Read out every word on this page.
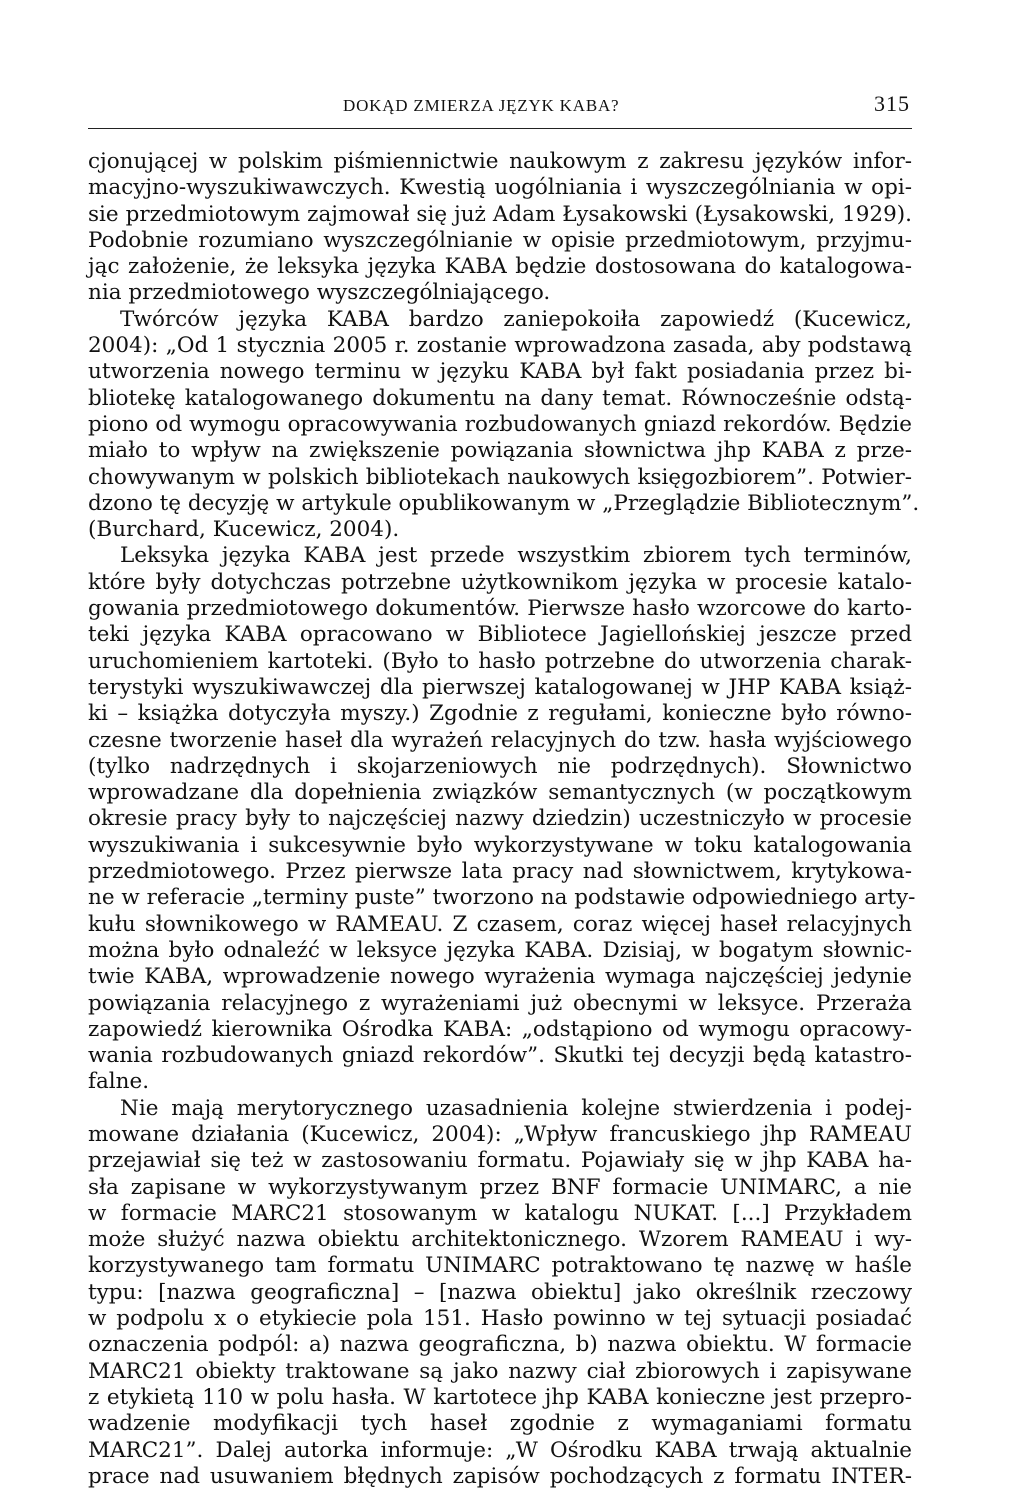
DOKĄD ZMIERZA JĘZYK KABA?	315
cjonującej w polskim piśmiennictwie naukowym z zakresu języków infor-
macyjno-wyszukiwawczych. Kwestią uogólniania i wyszczególniania w opi-
sie przedmiotowym zajmował się już Adam Łysakowski (Łysakowski, 1929).
Podobnie rozumiano wyszczególnianie w opisie przedmiotowym, przyjmu-
jąc założenie, że leksyka języka KABA będzie dostosowana do katalogowa-
nia przedmiotowego wyszczególniającego.
Twórców języka KABA bardzo zaniepokoiła zapowiedź (Kucewicz,
2004): „Od 1 stycznia 2005 r. zostanie wprowadzona zasada, aby podstawą
utworzenia nowego terminu w języku KABA był fakt posiadania przez bi-
bliotekę katalogowanego dokumentu na dany temat. Równocześnie odstą-
piono od wymogu opracowywania rozbudowanych gniazd rekordów. Będzie
miało to wpływ na zwiększenie powiązania słownictwa jhp KABA z prze-
chowywanym w polskich bibliotekach naukowych księgozbiorem”. Potwier-
dzono tę decyzję w artykule opublikowanym w „Przeglądzie Bibliotecznym”.
(Burchard, Kucewicz, 2004).
Leksyka języka KABA jest przede wszystkim zbiorem tych terminów,
które były dotychczas potrzebne użytkownikom języka w procesie katalo-
gowania przedmiotowego dokumentów. Pierwsze hasło wzorcowe do karto-
teki języka KABA opracowano w Bibliotece Jagiellońskiej jeszcze przed
uruchomieniem kartoteki. (Było to hasło potrzebne do utworzenia charak-
terystyki wyszukiwawczej dla pierwszej katalogowanej w JHP KABA książ-
ki – książka dotyczyła myszy.) Zgodnie z regułami, konieczne było równo-
czesne tworzenie haseł dla wyrażeń relacyjnych do tzw. hasła wyjściowego
(tylko nadrzędnych i skojarzeniowych nie podrzędnych). Słownictwo
wprowadzane dla dopełnienia związków semantycznych (w początkowym
okresie pracy były to najczęściej nazwy dziedzin) uczestniczyło w procesie
wyszukiwania i sukcesywnie było wykorzystywane w toku katalogowania
przedmiotowego. Przez pierwsze lata pracy nad słownictwem, krytykowa-
ne w referacie „terminy puste” tworzono na podstawie odpowiedniego arty-
kułu słownikowego w RAMEAU. Z czasem, coraz więcej haseł relacyjnych
można było odnaleźć w leksyce języka KABA. Dzisiaj, w bogatym słownic-
twie KABA, wprowadzenie nowego wyrażenia wymaga najczęściej jedynie
powiązania relacyjnego z wyrażeniami już obecnymi w leksyce. Przeraża
zapowiedź kierownika Ośrodka KABA: „odstąpiono od wymogu opracowy-
wania rozbudowanych gniazd rekordów”. Skutki tej decyzji będą katastro-
falne.
Nie mają merytorycznego uzasadnienia kolejne stwierdzenia i podej-
mowane działania (Kucewicz, 2004): „Wpływ francuskiego jhp RAMEAU
przejawiał się też w zastosowaniu formatu. Pojawiały się w jhp KABA ha-
sła zapisane w wykorzystywanym przez BNF formacie UNIMARC, a nie
w formacie MARC21 stosowanym w katalogu NUKAT. [...] Przykładem
może służyć nazwa obiektu architektonicznego. Wzorem RAMEAU i wy-
korzystywanego tam formatu UNIMARC potraktowano tę nazwę w haśle
typu: [nazwa geograficzna] – [nazwa obiektu] jako określnik rzeczowy
w podpolu x o etykiecie pola 151. Hasło powinno w tej sytuacji posiadać
oznaczenia podpól: a) nazwa geograficzna, b) nazwa obiektu. W formacie
MARC21 obiekty traktowane są jako nazwy ciał zbiorowych i zapisywane
z etykietą 110 w polu hasła. W kartotece jhp KABA konieczne jest przepro-
wadzenie modyfikacji tych haseł zgodnie z wymaganiami formatu
MARC21”. Dalej autorka informuje: „W Ośrodku KABA trwają aktualnie
prace nad usuwaniem błędnych zapisów pochodzących z formatu INTER-
